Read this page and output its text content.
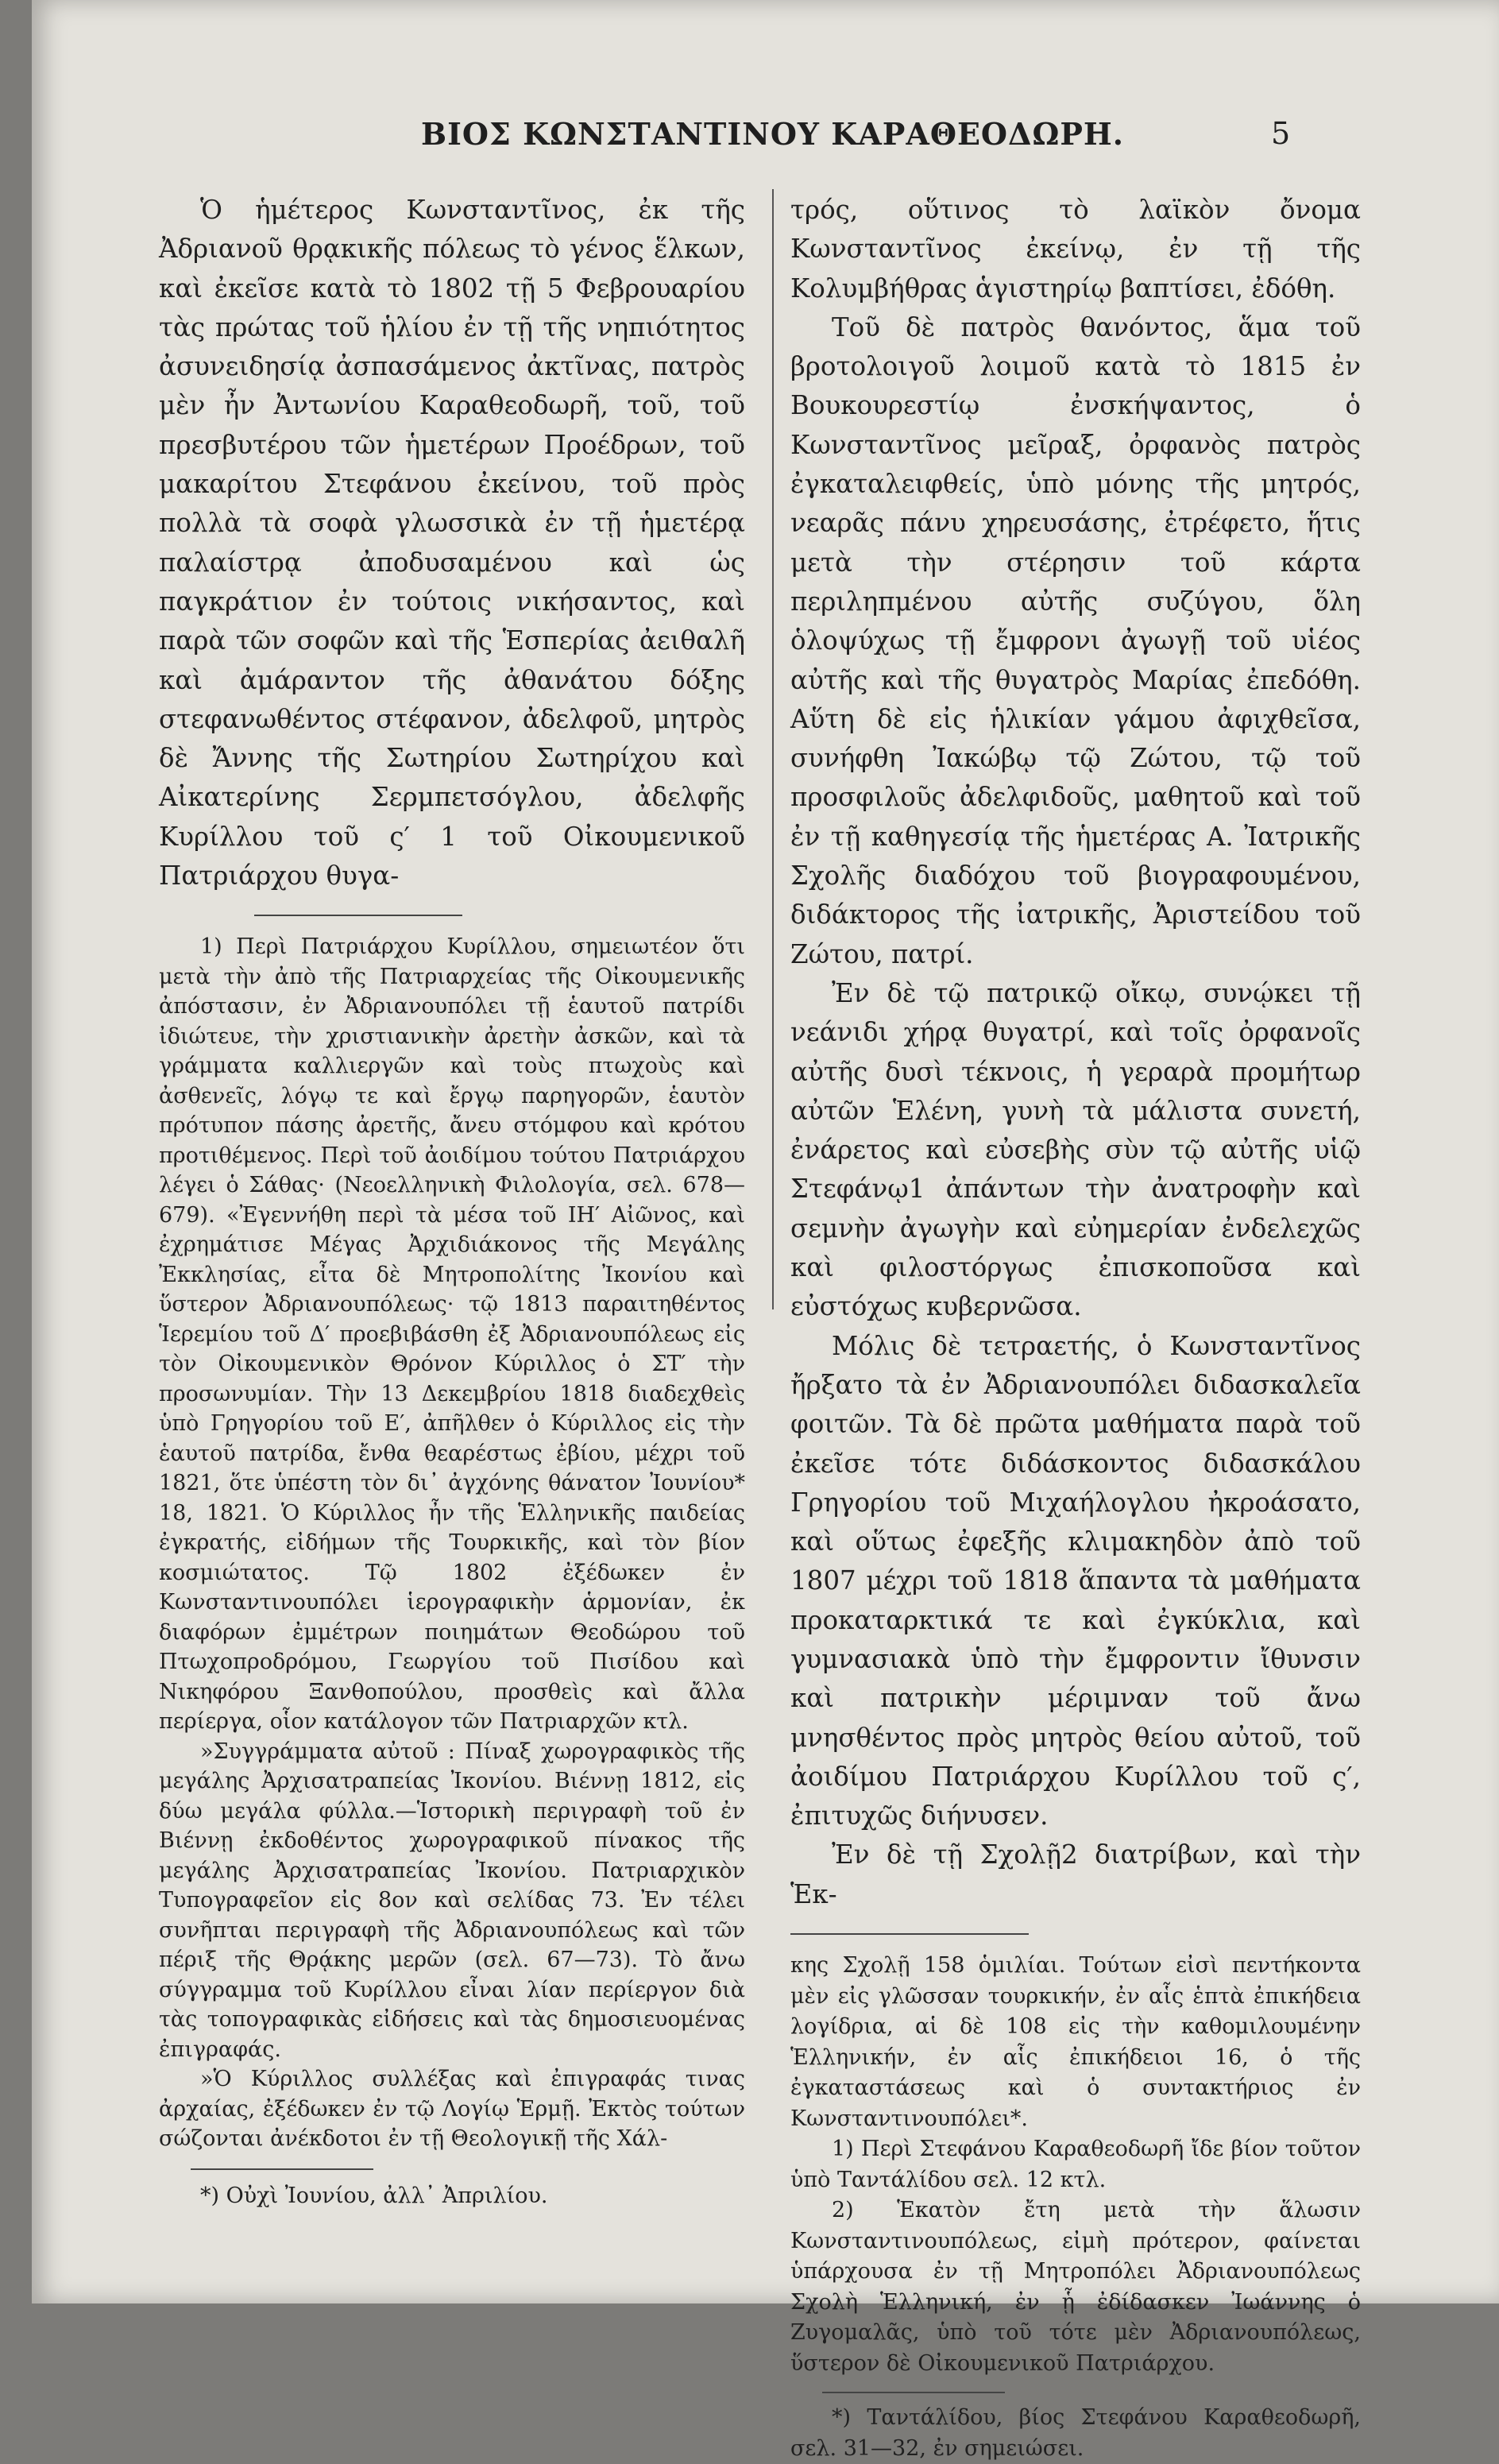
ΒΙΟΣ ΚΩΝΣΤΑΝΤΙΝΟΥ ΚΑΡΑΘΕΟΔΩΡΗ.	5

Ὁ ἡμέτερος Κωνσταντῖνος, ἐκ τῆς Ἀδριανοῦ θρᾳκικῆς πόλεως τὸ γένος ἕλκων, καὶ ἐκεῖσε κατὰ τὸ 1802 τῇ 5 Φεβρουαρίου τὰς πρώτας τοῦ ἡλίου ἐν τῇ τῆς νηπιότητος ἀσυνειδησίᾳ ἀσπασάμενος ἀκτῖνας, πατρὸς μὲν ἦν Ἀντωνίου Καραθεοδωρῆ, τοῦ, τοῦ πρεσβυτέρου τῶν ἡμετέρων Προέδρων, τοῦ μακαρίτου Στεφάνου ἐκείνου, τοῦ πρὸς πολλὰ τὰ σοφὰ γλωσσικὰ ἐν τῇ ἡμετέρᾳ παλαίστρᾳ ἀποδυσαμένου καὶ ὡς παγκράτιον ἐν τούτοις νικήσαντος, καὶ παρὰ τῶν σοφῶν καὶ τῆς Ἑσπερίας ἀειθαλῆ καὶ ἀμάραντον τῆς ἀθανάτου δόξης στεφανωθέντος στέφανον, ἀδελφοῦ, μητρὸς δὲ Ἄννης τῆς Σωτηρίου Σωτηρίχου καὶ Αἰκατερίνης Σερμπετσόγλου, ἀδελφῆς Κυρίλλου τοῦ ς′ 1 τοῦ Οἰκουμενικοῦ Πατριάρχου θυγα-

1) Περὶ Πατριάρχου Κυρίλλου, σημειωτέον ὅτι μετὰ τὴν ἀπὸ τῆς Πατριαρχείας τῆς Οἰκουμενικῆς ἀπόστασιν, ἐν Ἀδριανουπόλει τῇ ἑαυτοῦ πατρίδι ἰδιώτευε, τὴν χριστιανικὴν ἀρετὴν ἀσκῶν, καὶ τὰ γράμματα καλλιεργῶν καὶ τοὺς πτωχοὺς καὶ ἀσθενεῖς, λόγῳ τε καὶ ἔργῳ παρηγορῶν, ἑαυτὸν πρότυπον πάσης ἀρετῆς, ἄνευ στόμφου καὶ κρότου προτιθέμενος. Περὶ τοῦ ἀοιδίμου τούτου Πατριάρχου λέγει ὁ Σάθας· (Νεοελληνικὴ Φιλολογία, σελ. 678—679). «Ἐγεννήθη περὶ τὰ μέσα τοῦ ΙΗ′ Αἰῶνος, καὶ ἐχρημάτισε Μέγας Ἀρχιδιάκονος τῆς Μεγάλης Ἐκκλησίας, εἶτα δὲ Μητροπολίτης Ἰκονίου καὶ ὕστερον Ἀδριανουπόλεως· τῷ 1813 παραιτηθέντος Ἱερεμίου τοῦ Δ′ προεβιβάσθη ἐξ Ἀδριανουπόλεως εἰς τὸν Οἰκουμενικὸν Θρόνον Κύριλλος ὁ ΣΤ′ τὴν προσωνυμίαν. Τὴν 13 Δεκεμβρίου 1818 διαδεχθεὶς ὑπὸ Γρηγορίου τοῦ Ε′, ἀπῆλθεν ὁ Κύριλλος εἰς τὴν ἑαυτοῦ πατρίδα, ἔνθα θεαρέστως ἐβίου, μέχρι τοῦ 1821, ὅτε ὑπέστη τὸν δι᾿ ἀγχόνης θάνατον Ἰουνίου* 18, 1821. Ὁ Κύριλλος ἦν τῆς Ἑλληνικῆς παιδείας ἐγκρατής, εἰδήμων τῆς Τουρκικῆς, καὶ τὸν βίον κοσμιώτατος. Τῷ 1802 ἐξέδωκεν ἐν Κωνσταντινουπόλει ἱερογραφικὴν ἁρμονίαν, ἐκ διαφόρων ἐμμέτρων ποιημάτων Θεοδώρου τοῦ Πτωχοπροδρόμου, Γεωργίου τοῦ Πισίδου καὶ Νικηφόρου Ξανθοπούλου, προσθεὶς καὶ ἄλλα περίεργα, οἷον κατάλογον τῶν Πατριαρχῶν κτλ.

»Συγγράμματα αὐτοῦ : Πίναξ χωρογραφικὸς τῆς μεγάλης Ἀρχισατραπείας Ἰκονίου. Βιέννῃ 1812, εἰς δύω μεγάλα φύλλα.—Ἱστορικὴ περιγραφὴ τοῦ ἐν Βιέννῃ ἐκδοθέντος χωρογραφικοῦ πίνακος τῆς μεγάλης Ἀρχισατραπείας Ἰκονίου. Πατριαρχικὸν Τυπογραφεῖον εἰς 8ον καὶ σελίδας 73. Ἐν τέλει συνῆπται περιγραφὴ τῆς Ἀδριανουπόλεως καὶ τῶν πέριξ τῆς Θρᾴκης μερῶν (σελ. 67—73). Τὸ ἄνω σύγγραμμα τοῦ Κυρίλλου εἶναι λίαν περίεργον διὰ τὰς τοπογραφικὰς εἰδήσεις καὶ τὰς δημοσιευομένας ἐπιγραφάς.

»Ὁ Κύριλλος συλλέξας καὶ ἐπιγραφάς τινας ἀρχαίας, ἐξέδωκεν ἐν τῷ Λογίῳ Ἑρμῇ. Ἐκτὸς τούτων σώζονται ἀνέκδοτοι ἐν τῇ Θεολογικῇ τῆς Χάλ-

*) Οὐχὶ Ἰουνίου, ἀλλ᾿ Ἀπριλίου.

τρός, οὕτινος τὸ λαϊκὸν ὄνομα Κωνσταντῖνος ἐκείνῳ, ἐν τῇ τῆς Κολυμβήθρας ἁγιστηρίῳ βαπτίσει, ἐδόθη.

Τοῦ δὲ πατρὸς θανόντος, ἅμα τοῦ βροτολοιγοῦ λοιμοῦ κατὰ τὸ 1815 ἐν Βουκουρεστίῳ ἐνσκήψαντος, ὁ Κωνσταντῖνος μεῖραξ, ὀρφανὸς πατρὸς ἐγκαταλειφθείς, ὑπὸ μόνης τῆς μητρός, νεαρᾶς πάνυ χηρευσάσης, ἐτρέφετο, ἥτις μετὰ τὴν στέρησιν τοῦ κάρτα περιληπμένου αὐτῆς συζύγου, ὅλη ὁλοψύχως τῇ ἔμφρονι ἀγωγῇ τοῦ υἱέος αὐτῆς καὶ τῆς θυγατρὸς Μαρίας ἐπεδόθη. Αὕτη δὲ εἰς ἡλικίαν γάμου ἀφιχθεῖσα, συνήφθη Ἰακώβῳ τῷ Ζώτου, τῷ τοῦ προσφιλοῦς ἀδελφιδοῦς, μαθητοῦ καὶ τοῦ ἐν τῇ καθηγεσίᾳ τῆς ἡμετέρας Α. Ἰατρικῆς Σχολῆς διαδόχου τοῦ βιογραφουμένου, διδάκτορος τῆς ἰατρικῆς, Ἀριστείδου τοῦ Ζώτου, πατρί.

Ἐν δὲ τῷ πατρικῷ οἴκῳ, συνῴκει τῇ νεάνιδι χήρᾳ θυγατρί, καὶ τοῖς ὀρφανοῖς αὐτῆς δυσὶ τέκνοις, ἡ γεραρὰ προμήτωρ αὐτῶν Ἑλένη, γυνὴ τὰ μάλιστα συνετή, ἐνάρετος καὶ εὐσεβὴς σὺν τῷ αὐτῆς υἱῷ Στεφάνῳ1 ἀπάντων τὴν ἀνατροφὴν καὶ σεμνὴν ἀγωγὴν καὶ εὐημερίαν ἐνδελεχῶς καὶ φιλοστόργως ἐπισκοποῦσα καὶ εὐστόχως κυβερνῶσα.

Μόλις δὲ τετραετής, ὁ Κωνσταντῖνος ἤρξατο τὰ ἐν Ἀδριανουπόλει διδασκαλεῖα φοιτῶν. Τὰ δὲ πρῶτα μαθήματα παρὰ τοῦ ἐκεῖσε τότε διδάσκοντος διδασκάλου Γρηγορίου τοῦ Μιχαήλογλου ἠκροάσατο, καὶ οὕτως ἐφεξῆς κλιμακηδὸν ἀπὸ τοῦ 1807 μέχρι τοῦ 1818 ἅπαντα τὰ μαθήματα προκαταρκτικά τε καὶ ἐγκύκλια, καὶ γυμνασιακὰ ὑπὸ τὴν ἔμφροντιν ἴθυνσιν καὶ πατρικὴν μέριμναν τοῦ ἄνω μνησθέντος πρὸς μητρὸς θείου αὐτοῦ, τοῦ ἀοιδίμου Πατριάρχου Κυρίλλου τοῦ ς′, ἐπιτυχῶς διήνυσεν.

Ἐν δὲ τῇ Σχολῇ2 διατρίβων, καὶ τὴν Ἑκ-

κης Σχολῇ 158 ὁμιλίαι. Τούτων εἰσὶ πεντήκοντα μὲν εἰς γλῶσσαν τουρκικήν, ἐν αἷς ἑπτὰ ἐπικήδεια λογίδρια, αἱ δὲ 108 εἰς τὴν καθομιλουμένην Ἑλληνικήν, ἐν αἷς ἐπικήδειοι 16, ὁ τῆς ἐγκαταστάσεως καὶ ὁ συντακτήριος ἐν Κωνσταντινουπόλει*.

1) Περὶ Στεφάνου Καραθεοδωρῆ ἴδε βίον τοῦτον ὑπὸ Ταντάλίδου σελ. 12 κτλ.

2) Ἑκατὸν ἔτη μετὰ τὴν ἅλωσιν Κωνσταντινουπόλεως, εἰμὴ πρότερον, φαίνεται ὑπάρχουσα ἐν τῇ Μητροπόλει Ἀδριανουπόλεως Σχολὴ Ἑλληνική, ἐν ᾗ ἐδίδασκεν Ἰωάννης ὁ Ζυγομαλᾶς, ὑπὸ τοῦ τότε μὲν Ἀδριανουπόλεως, ὕστερον δὲ Οἰκουμενικοῦ Πατριάρχου.

*) Ταντάλίδου, βίος Στεφάνου Καραθεοδωρῆ, σελ. 31—32, ἐν σημειώσει.
